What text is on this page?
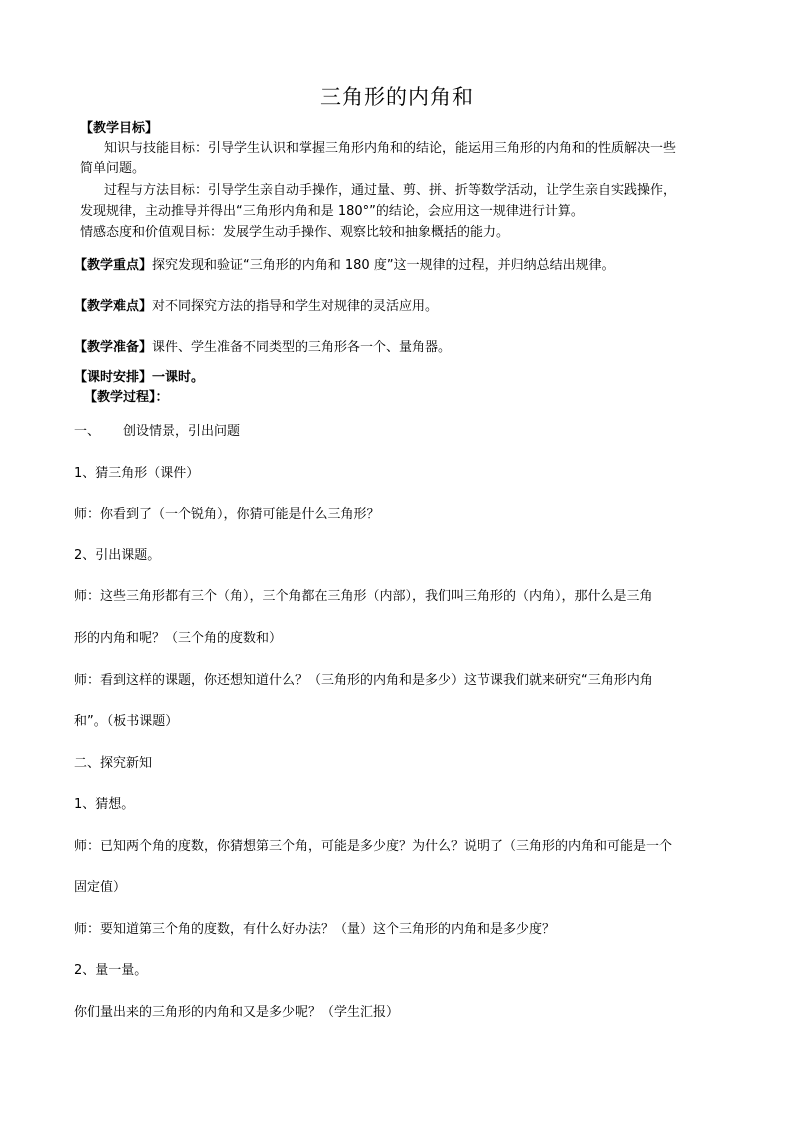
三角形的内角和
【教学目标】
知识与技能目标：引导学生认识和掌握三角形内角和的结论，能运用三角形的内角和的性质解决一些
简单问题。
过程与方法目标：引导学生亲自动手操作，通过量、剪、拼、折等数学活动，让学生亲自实践操作，
发现规律，主动推导并得出“三角形内角和是 180°”的结论，会应用这一规律进行计算。
情感态度和价值观目标：发展学生动手操作、观察比较和抽象概括的能力。
【教学重点】探究发现和验证“三角形的内角和 180 度”这一规律的过程，并归纳总结出规律。
【教学难点】对不同探究方法的指导和学生对规律的灵活应用。
【教学准备】课件、学生准备不同类型的三角形各一个、量角器。
【课时安排】一课时。
【教学过程】：
一、 创设情景，引出问题
1、猜三角形（课件）
师：你看到了（一个锐角），你猜可能是什么三角形？
2、引出课题。
师：这些三角形都有三个（角），三个角都在三角形（内部），我们叫三角形的（内角），那什么是三角
形的内角和呢？（三个角的度数和）
师：看到这样的课题，你还想知道什么？（三角形的内角和是多少）这节课我们就来研究“三角形内角
和”。（板书课题）
二、探究新知
1、猜想。
师：已知两个角的度数，你猜想第三个角，可能是多少度？为什么？说明了（三角形的内角和可能是一个
固定值）
师：要知道第三个角的度数，有什么好办法？（量）这个三角形的内角和是多少度？
2、量一量。
你们量出来的三角形的内角和又是多少呢？（学生汇报）
